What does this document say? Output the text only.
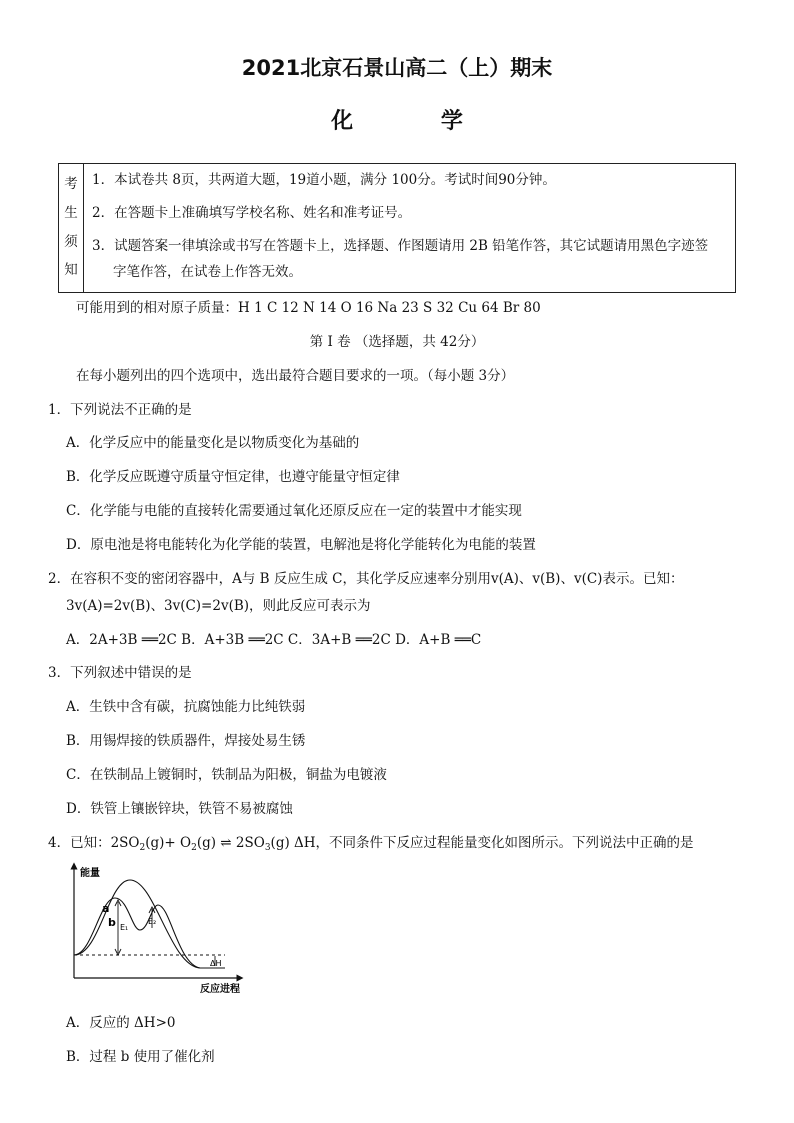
2021北京石景山高二（上）期末
化 学
考
生
须
知
1．本试卷共 8页，共两道大题，19道小题，满分 100分。考试时间90分钟。
2．在答题卡上准确填写学校名称、姓名和准考证号。
3．试题答案一律填涂或书写在答题卡上，选择题、作图题请用 2B 铅笔作答，其它试题请用黑色字迹签
字笔作答，在试卷上作答无效。
可能用到的相对原子质量：H 1 C 12 N 14 O 16 Na 23 S 32 Cu 64 Br 80
第 I 卷 （选择题，共 42分）
在每小题列出的四个选项中，选出最符合题目要求的一项。（每小题 3分）
1．下列说法不正确的是
A．化学反应中的能量变化是以物质变化为基础的
B．化学反应既遵守质量守恒定律，也遵守能量守恒定律
C．化学能与电能的直接转化需要通过氧化还原反应在一定的装置中才能实现
D．原电池是将电能转化为化学能的装置，电解池是将化学能转化为电能的装置
2．在容积不变的密闭容器中，A与 B 反应生成 C，其化学反应速率分别用v(A)、v(B)、v(C)表示。已知：
3v(A)=2v(B)、3v(C)=2v(B)，则此反应可表示为
A．2A+3B ══2C B．A+3B ══2C C．3A+B ══2C D．A+B ══C
3．下列叙述中错误的是
A．生铁中含有碳，抗腐蚀能力比纯铁弱
B．用锡焊接的铁质器件，焊接处易生锈
C．在铁制品上镀铜时，铁制品为阳极，铜盐为电镀液
D．铁管上镶嵌锌块，铁管不易被腐蚀
4．已知：$2SO_2(g)+ O_2(g)$ ⇌ $2SO_3(g)$ ΔH，不同条件下反应过程能量变化如图所示。下列说法中正确的是
能量
反应进程
a
b E₁
E₂
ΔH
A．反应的 ΔH>0
B．过程 b 使用了催化剂
